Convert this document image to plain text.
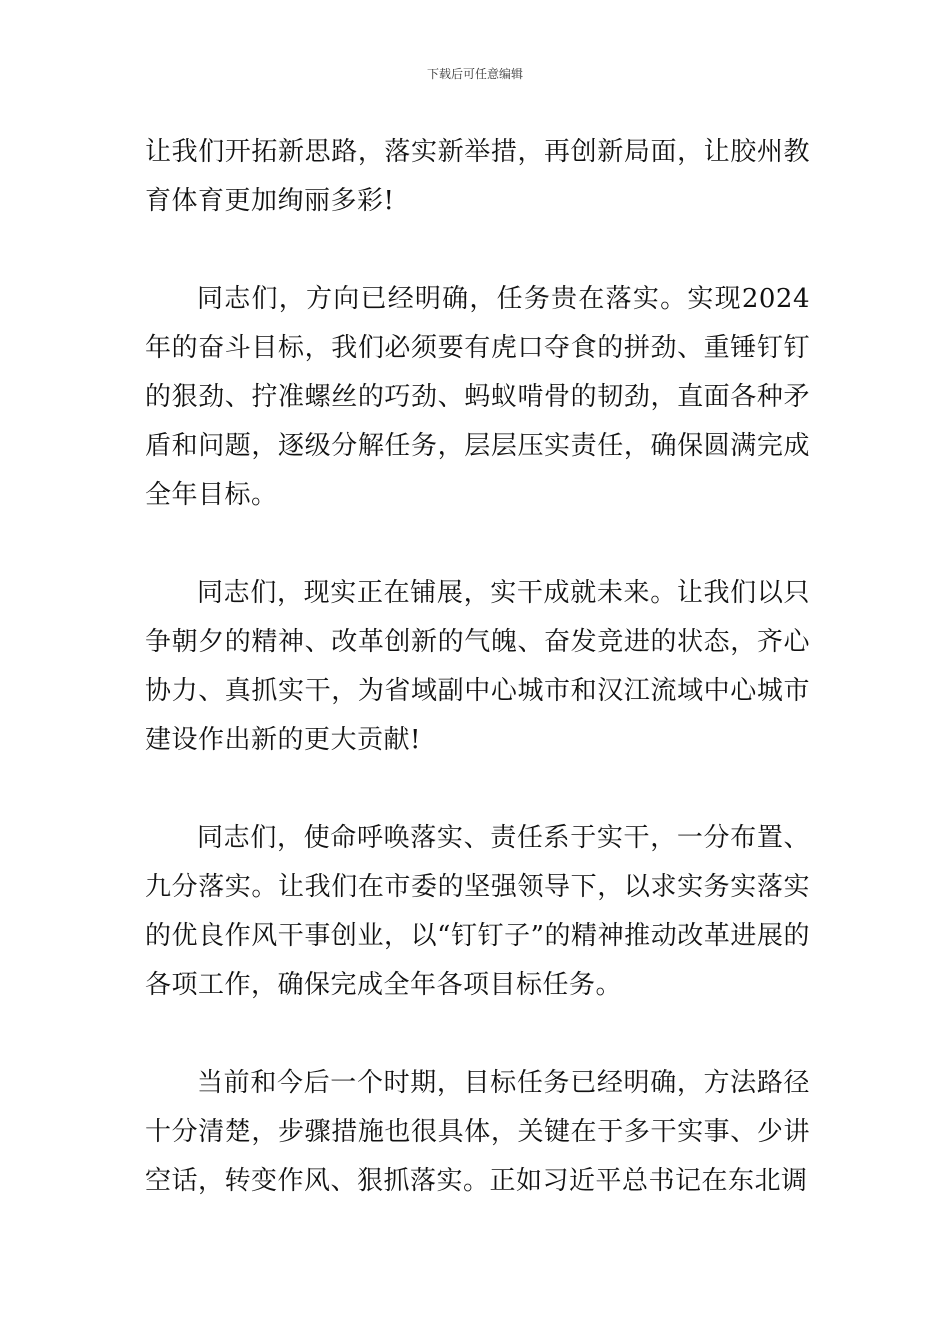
下载后可任意编辑

让我们开拓新思路，落实新举措，再创新局面，让胶州教育体育更加绚丽多彩!

同志们，方向已经明确，任务贵在落实。实现2024年的奋斗目标，我们必须要有虎口夺食的拼劲、重锤钉钉的狠劲、拧准螺丝的巧劲、蚂蚁啃骨的韧劲，直面各种矛盾和问题，逐级分解任务，层层压实责任，确保圆满完成全年目标。

同志们，现实正在铺展，实干成就未来。让我们以只争朝夕的精神、改革创新的气魄、奋发竞进的状态，齐心协力、真抓实干，为省域副中心城市和汉江流域中心城市建设作出新的更大贡献!

同志们，使命呼唤落实、责任系于实干，一分布置、九分落实。让我们在市委的坚强领导下，以求实务实落实的优良作风干事创业，以“钉钉子”的精神推动改革进展的各项工作，确保完成全年各项目标任务。

当前和今后一个时期，目标任务已经明确，方法路径十分清楚，步骤措施也很具体，关键在于多干实事、少讲空话，转变作风、狠抓落实。正如习近平总书记在东北调
